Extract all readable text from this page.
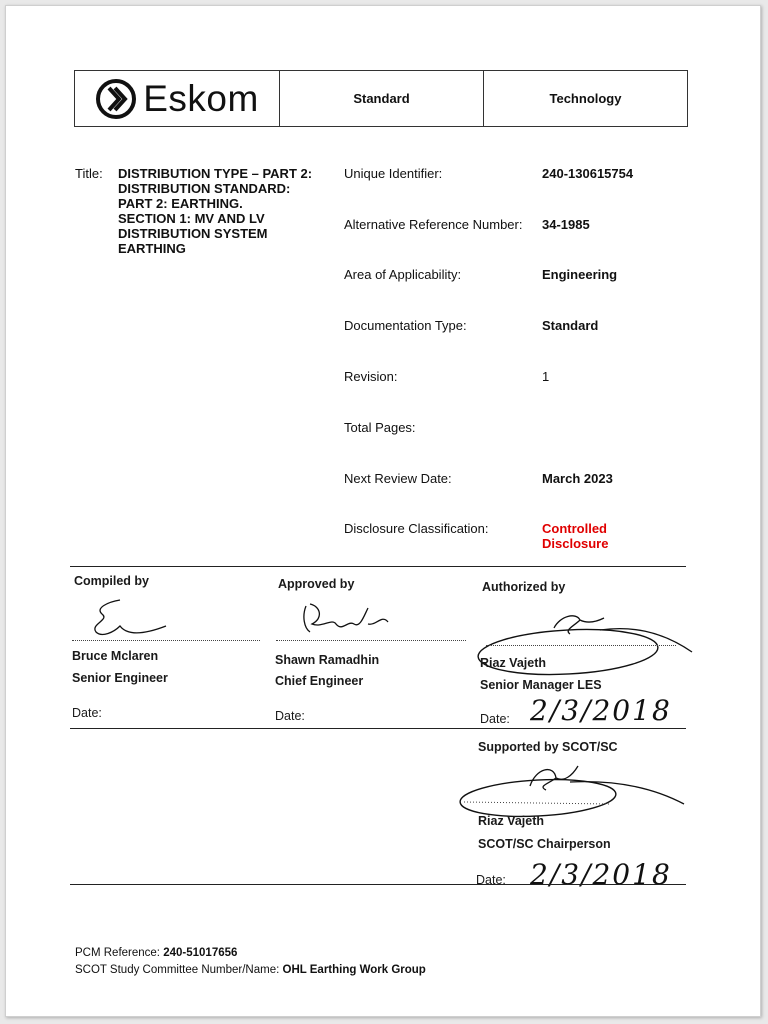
Eskom	Standard	Technology
Title: DISTRIBUTION TYPE – PART 2:
DISTRIBUTION STANDARD:
PART 2: EARTHING.
SECTION 1: MV AND LV
DISTRIBUTION SYSTEM
EARTHING
Unique Identifier:	240-130615754
Alternative Reference Number: 34-1985
Area of Applicability:	Engineering
Documentation Type:	Standard
Revision:	1
Total Pages:
Next Review Date:	March 2023
Disclosure Classification:	Controlled
Disclosure
Compiled by	Approved by	Authorized by
Bruce Mclaren	Shawn Ramadhin	Riaz Vajeth
Senior Engineer	Chief Engineer	Senior Manager LES
Date:	Date:	Date: 2/3/2018
Supported by SCOT/SC
Riaz Vajeth
SCOT/SC Chairperson
Date: 2/3/2018
PCM Reference: 240-51017656
SCOT Study Committee Number/Name: OHL Earthing Work Group
